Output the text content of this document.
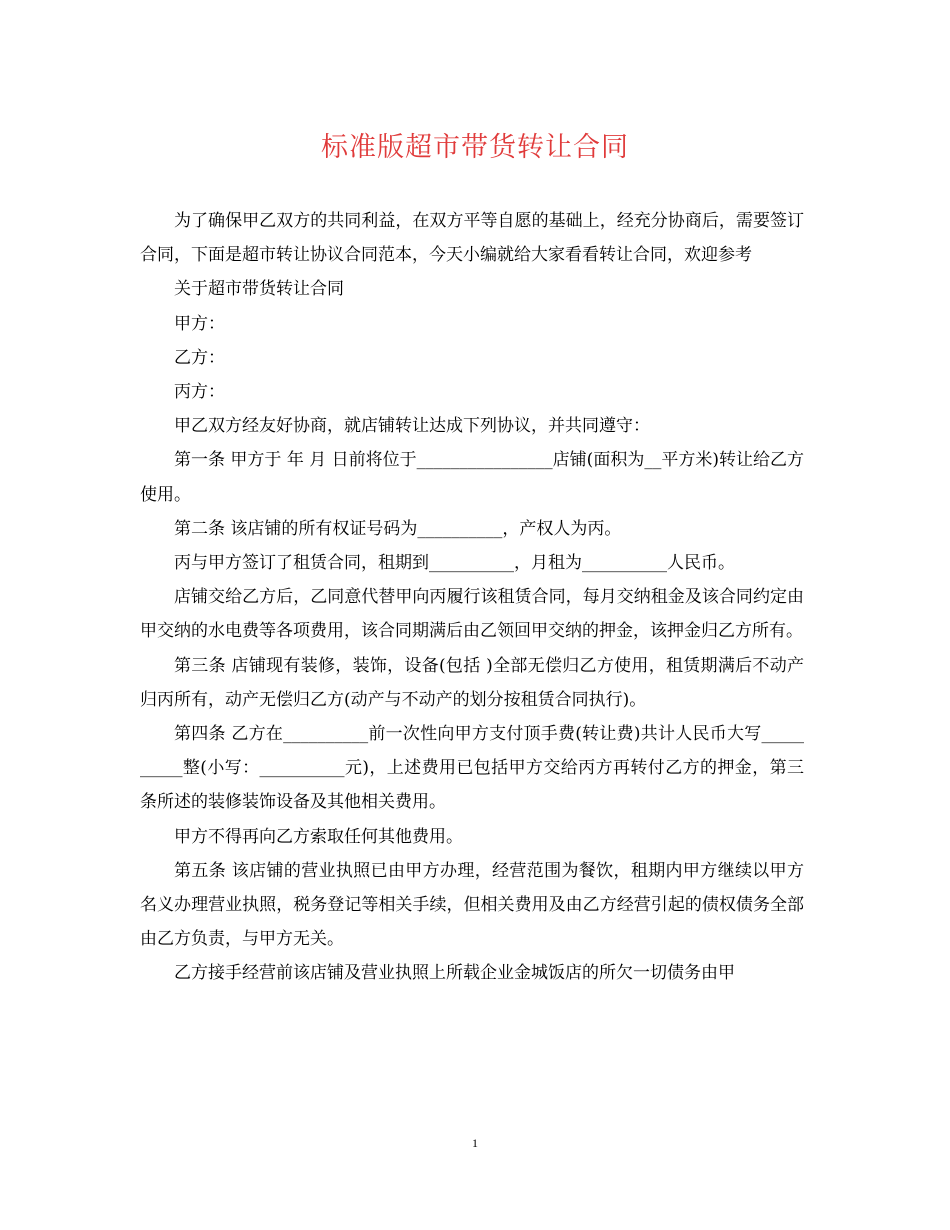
标准版超市带货转让合同

为了确保甲乙双方的共同利益，在双方平等自愿的基础上，经充分协商后，需要签订合同，下面是超市转让协议合同范本，今天小编就给大家看看转让合同，欢迎参考

关于超市带货转让合同

甲方：

乙方：

丙方：

甲乙双方经友好协商，就店铺转让达成下列协议，并共同遵守：

第一条 甲方于 年 月 日前将位于________________店铺(面积为__平方米)转让给乙方使用。

第二条 该店铺的所有权证号码为__________，产权人为丙。

丙与甲方签订了租赁合同，租期到__________，月租为__________人民币。

店铺交给乙方后，乙同意代替甲向丙履行该租赁合同，每月交纳租金及该合同约定由甲交纳的水电费等各项费用，该合同期满后由乙领回甲交纳的押金，该押金归乙方所有。

第三条 店铺现有装修，装饰，设备(包括 )全部无偿归乙方使用，租赁期满后不动产归丙所有，动产无偿归乙方(动产与不动产的划分按租赁合同执行)。

第四条 乙方在__________前一次性向甲方支付顶手费(转让费)共计人民币大写__________整(小写：__________元)，上述费用已包括甲方交给丙方再转付乙方的押金，第三条所述的装修装饰设备及其他相关费用。

甲方不得再向乙方索取任何其他费用。

第五条 该店铺的营业执照已由甲方办理，经营范围为餐饮，租期内甲方继续以甲方名义办理营业执照，税务登记等相关手续，但相关费用及由乙方经营引起的债权债务全部由乙方负责，与甲方无关。

乙方接手经营前该店铺及营业执照上所载企业金城饭店的所欠一切债务由甲

1
